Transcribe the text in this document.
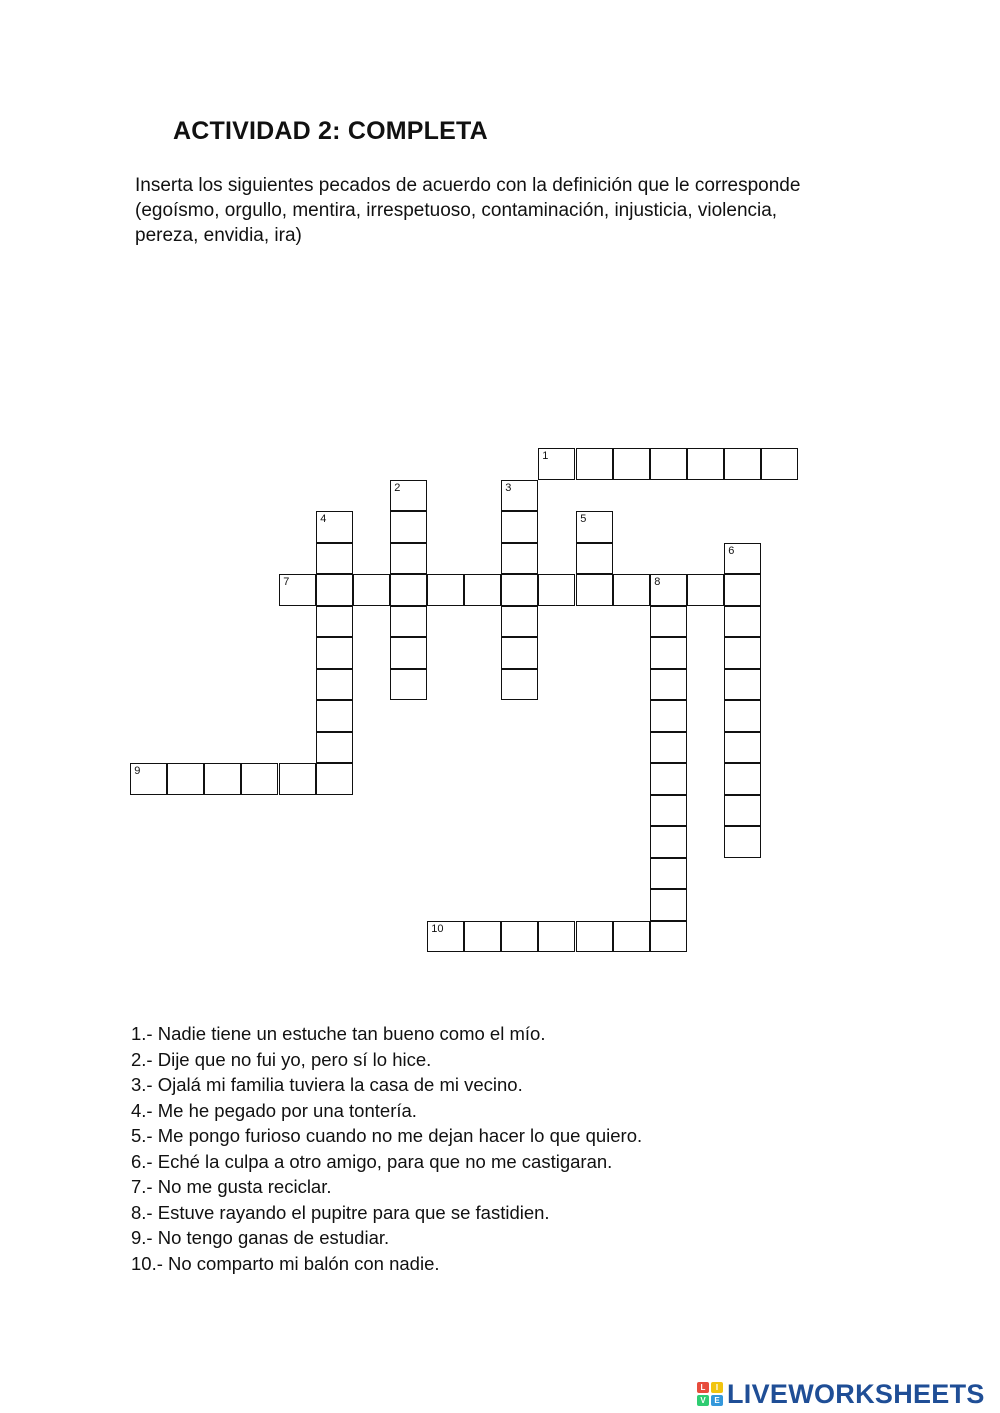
ACTIVIDAD 2: COMPLETA

Inserta los siguientes pecados de acuerdo con la definición que le corresponde (egoísmo, orgullo, mentira, irrespetuoso, contaminación, injusticia, violencia, pereza, envidia, ira)

1
2	3
4	5
6
7	8
9
10
1.- Nadie tiene un estuche tan bueno como el mío.
2.- Dije que no fui yo, pero sí lo hice.
3.- Ojalá mi familia tuviera la casa de mi vecino.
4.- Me he pegado por una tontería.
5.- Me pongo furioso cuando no me dejan hacer lo que quiero.
6.- Eché la culpa a otro amigo, para que no me castigaran.
7.- No me gusta reciclar.
8.- Estuve rayando el pupitre para que se fastidien.
9.- No tengo ganas de estudiar.
10.- No comparto mi balón con nadie.
L	I
V	E LIVEWORKSHEETS
